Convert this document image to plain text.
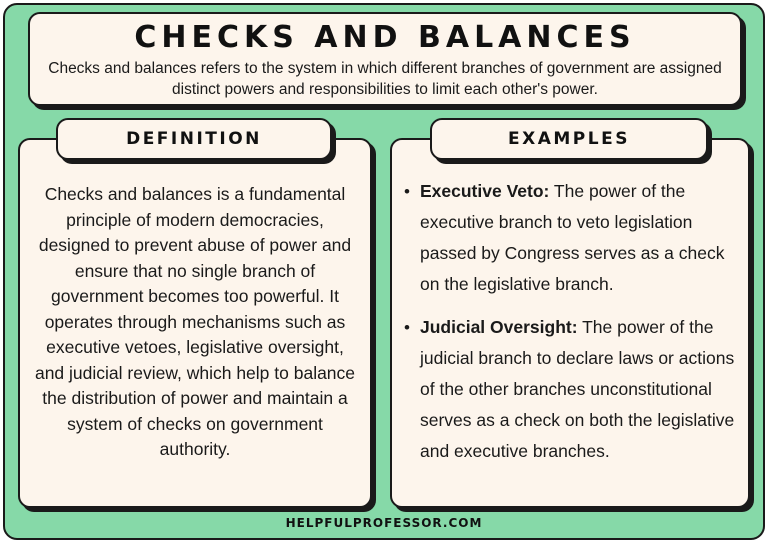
CHECKS AND BALANCES
Checks and balances refers to the system in which different branches of government are assigned distinct powers and responsibilities to limit each other's power.
Checks and balances is a fundamental principle of modern democracies, designed to prevent abuse of power and ensure that no single branch of government becomes too powerful. It operates through mechanisms such as executive vetoes, legislative oversight, and judicial review, which help to balance the distribution of power and maintain a system of checks on government authority.
• Executive Veto: The power of the executive branch to veto legislation passed by Congress serves as a check on the legislative branch.
• Judicial Oversight: The power of the judicial branch to declare laws or actions of the other branches unconstitutional serves as a check on both the legislative and executive branches.
DEFINITION	EXAMPLES
HELPFULPROFESSOR.COM
